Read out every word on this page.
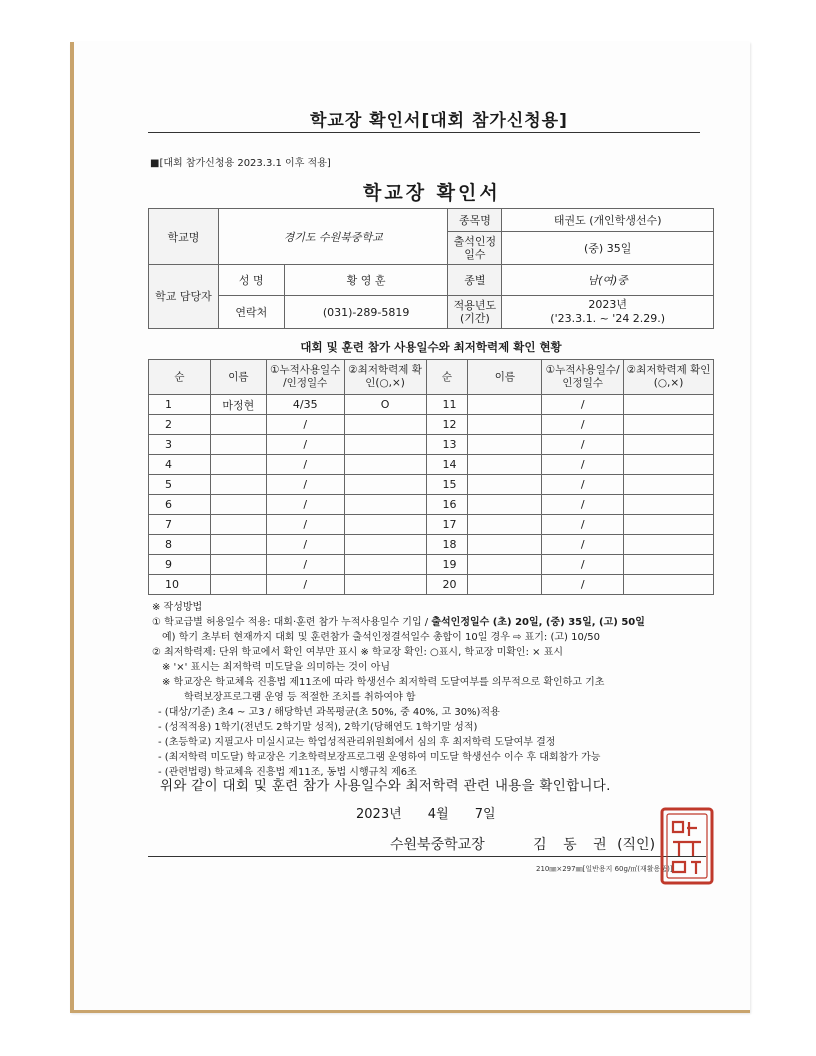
학교장 확인서[대회 참가신청용]
■[대회 참가신청용 2023.3.1 이후 적용]
학교장 확인서
학교명	경기도 수원북중학교		종목명	태권도 (개인학생선수)
			출석인정 일수	(중) 35일
학교 담당자	성 명	황 영 훈	종별	남(여)중
	연락처	(031)-289-5819	적용년도 (기간)	2023년
('23.3.1. ~ '24 2.29.)
대회 및 훈련 참가 사용일수와 최저학력제 확인 현황
순	이름	①누적사용일수 /인정일수	②최저학력제 확인(○,×)	순	이름	①누적사용일수/ 인정일수	②최저학력제 확인(○,×)
1	마정현	4/35	O	11		/	
2		/		12		/	
3		/		13		/	
4		/		14		/	
5		/		15		/	
6		/		16		/	
7		/		17		/	
8		/		18		/	
9		/		19		/	
10		/		20		/	
※ 작성방법
① 학교급별 허용일수 적용: 대회·훈련 참가 누적사용일수 기입 / 출석인정일수 (초) 20일, (중) 35일, (고) 50일
예) 학기 초부터 현재까지 대회 및 훈련참가 출석인정결석일수 총합이 10일 경우 ⇨ 표기: (고) 10/50
② 최저학력제: 단위 학교에서 확인 여부만 표시 ※ 학교장 확인: ○표시, 학교장 미확인: × 표시
※ '×' 표시는 최저학력 미도달을 의미하는 것이 아님
※ 학교장은 학교체육 진흥법 제11조에 따라 학생선수 최저학력 도달여부를 의무적으로 확인하고 기초
학력보장프로그램 운영 등 적절한 조치를 취하여야 함
- (대상/기준) 초4 ~ 고3 / 해당학년 과목평균(초 50%, 중 40%, 고 30%)적용
- (성적적용) 1학기(전년도 2학기말 성적), 2학기(당해연도 1학기말 성적)
- (초등학교) 지필고사 미실시교는 학업성적관리위원회에서 심의 후 최저학력 도달여부 결정
- (최저학력 미도달) 학교장은 기초학력보장프로그램 운영하여 미도달 학생선수 이수 후 대회참가 가능
- (관련법령) 학교체육 진흥법 제11조, 동법 시행규칙 제6조
위와 같이 대회 및 훈련 참가 사용일수와 최저학력 관련 내용을 확인합니다.
2023년 4월 7일
수원북중학교장	김 동 권 (직인)
210㎜×297㎜[일반용지 60g/㎡(재활용품)]
